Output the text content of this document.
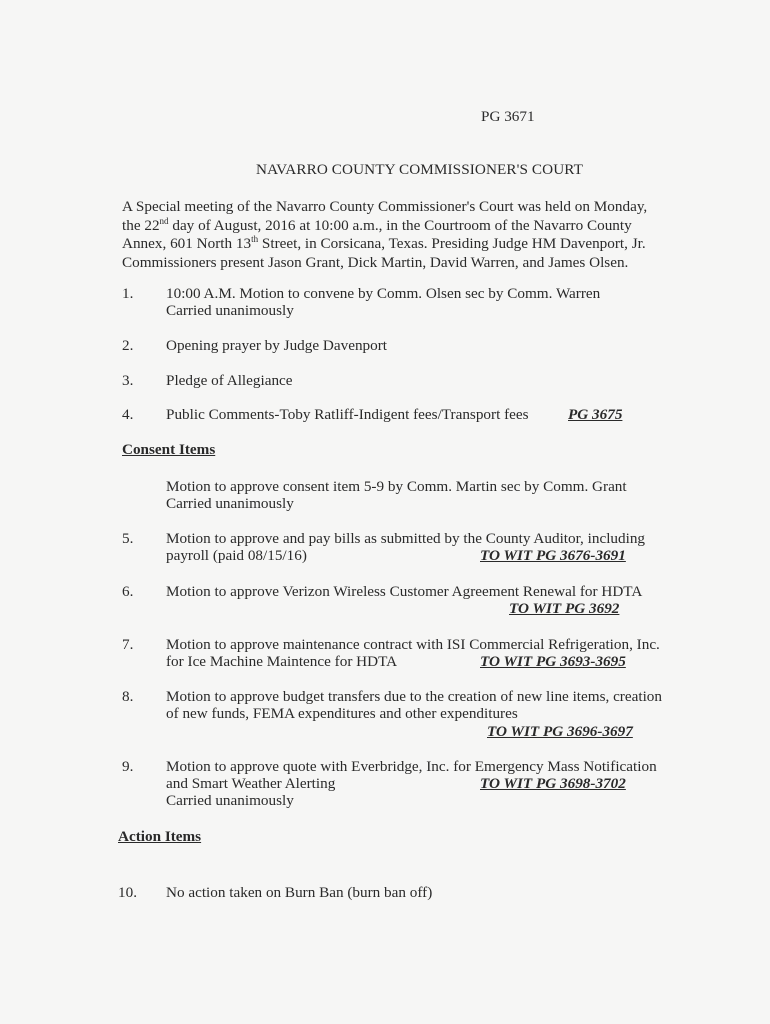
PG 3671
NAVARRO COUNTY COMMISSIONER'S COURT
A Special meeting of the Navarro County Commissioner's Court was held on Monday,
the 22nd day of August, 2016 at 10:00 a.m., in the Courtroom of the Navarro County
Annex, 601 North 13th Street, in Corsicana, Texas. Presiding Judge HM Davenport, Jr.
Commissioners present Jason Grant, Dick Martin, David Warren, and James Olsen.
1. 10:00 A.M. Motion to convene by Comm. Olsen sec by Comm. Warren
Carried unanimously
2. Opening prayer by Judge Davenport
3. Pledge of Allegiance
4. Public Comments-Toby Ratliff-Indigent fees/Transport fees	PG 3675
Consent Items
Motion to approve consent item 5-9 by Comm. Martin sec by Comm. Grant
Carried unanimously
5. Motion to approve and pay bills as submitted by the County Auditor, including
payroll (paid 08/15/16)	TO WIT PG 3676-3691
6. Motion to approve Verizon Wireless Customer Agreement Renewal for HDTA
TO WIT PG 3692
7. Motion to approve maintenance contract with ISI Commercial Refrigeration, Inc.
for Ice Machine Maintence for HDTA	TO WIT PG 3693-3695
8. Motion to approve budget transfers due to the creation of new line items, creation
of new funds, FEMA expenditures and other expenditures
TO WIT PG 3696-3697
9. Motion to approve quote with Everbridge, Inc. for Emergency Mass Notification
and Smart Weather Alerting	TO WIT PG 3698-3702
Carried unanimously
Action Items
10. No action taken on Burn Ban (burn ban off)
